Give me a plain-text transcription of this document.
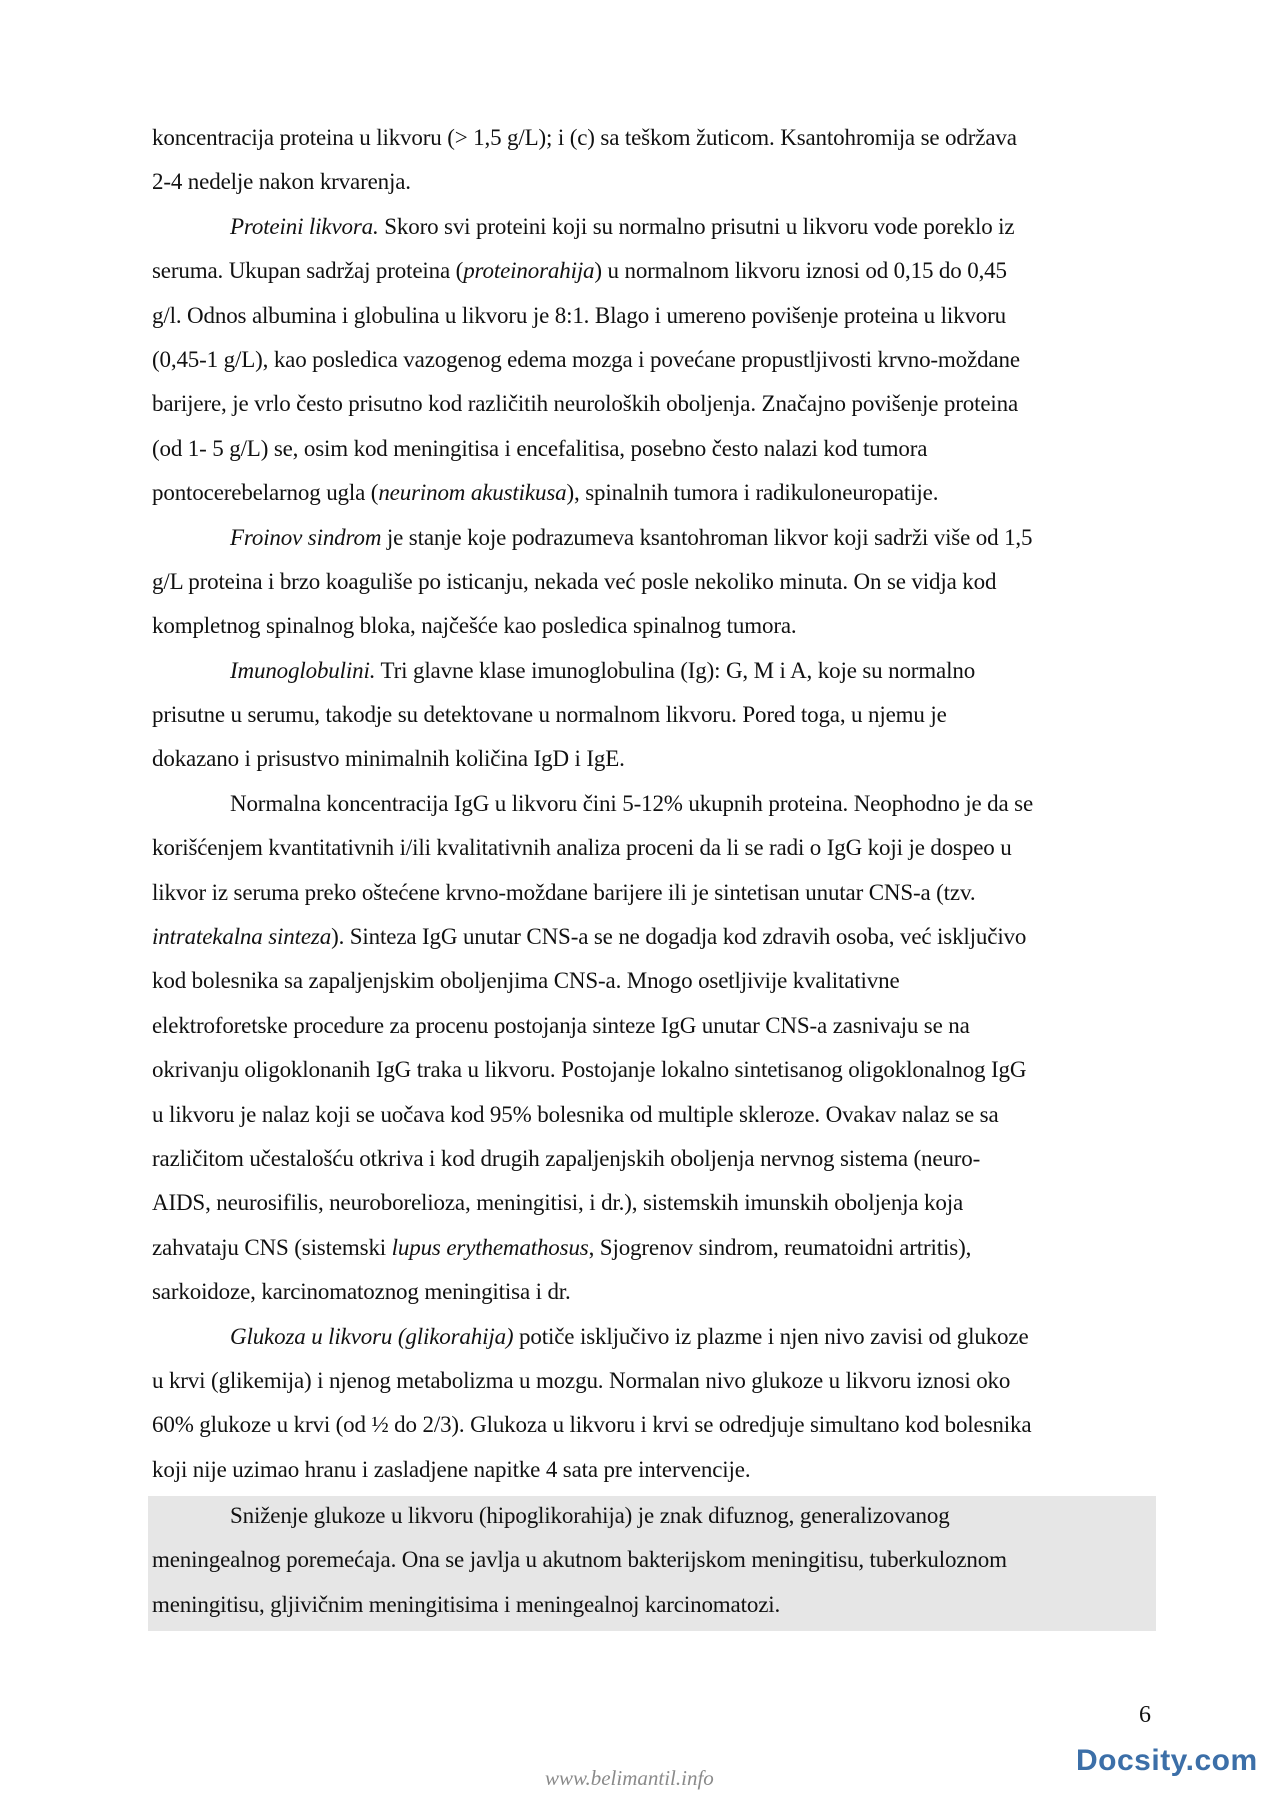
koncentracija proteina u likvoru (> 1,5 g/L); i (c) sa teškom žuticom. Ksantohromija se održava
2-4 nedelje nakon krvarenja.
Proteini likvora. Skoro svi proteini koji su normalno prisutni u likvoru vode poreklo iz
seruma. Ukupan sadržaj proteina (proteinorahija) u normalnom likvoru iznosi od 0,15 do 0,45
g/l. Odnos albumina i globulina u likvoru je 8:1. Blago i umereno povišenje proteina u likvoru
(0,45-1 g/L), kao posledica vazogenog edema mozga i povećane propustljivosti krvno-moždane
barijere, je vrlo često prisutno kod različitih neuroloških oboljenja. Značajno povišenje proteina
(od 1- 5 g/L) se, osim kod meningitisa i encefalitisa, posebno često nalazi kod tumora
pontocerebelarnog ugla (neurinom akustikusa), spinalnih tumora i radikuloneuropatije.
Froinov sindrom je stanje koje podrazumeva ksantohroman likvor koji sadrži više od 1,5
g/L proteina i brzo koaguliše po isticanju, nekada već posle nekoliko minuta. On se vidja kod
kompletnog spinalnog bloka, najčešće kao posledica spinalnog tumora.
Imunoglobulini. Tri glavne klase imunoglobulina (Ig): G, M i A, koje su normalno
prisutne u serumu, takodje su detektovane u normalnom likvoru. Pored toga, u njemu je
dokazano i prisustvo minimalnih količina IgD i IgE.
Normalna koncentracija IgG u likvoru čini 5-12% ukupnih proteina. Neophodno je da se
korišćenjem kvantitativnih i/ili kvalitativnih analiza proceni da li se radi o IgG koji je dospeo u
likvor iz seruma preko oštećene krvno-moždane barijere ili je sintetisan unutar CNS-a (tzv.
intratekalna sinteza). Sinteza IgG unutar CNS-a se ne dogadja kod zdravih osoba, već isključivo
kod bolesnika sa zapaljenjskim oboljenjima CNS-a. Mnogo osetljivije kvalitativne
elektroforetske procedure za procenu postojanja sinteze IgG unutar CNS-a zasnivaju se na
okrivanju oligoklonanih IgG traka u likvoru. Postojanje lokalno sintetisanog oligoklonalnog IgG
u likvoru je nalaz koji se uočava kod 95% bolesnika od multiple skleroze. Ovakav nalaz se sa
različitom učestalošću otkriva i kod drugih zapaljenjskih oboljenja nervnog sistema (neuro-
AIDS, neurosifilis, neuroborelioza, meningitisi, i dr.), sistemskih imunskih oboljenja koja
zahvataju CNS (sistemski lupus erythemathosus, Sjogrenov sindrom, reumatoidni artritis),
sarkoidoze, karcinomatoznog meningitisa i dr.
Glukoza u likvoru (glikorahija) potiče isključivo iz plazme i njen nivo zavisi od glukoze
u krvi (glikemija) i njenog metabolizma u mozgu. Normalan nivo glukoze u likvoru iznosi oko
60% glukoze u krvi (od ½ do 2/3). Glukoza u likvoru i krvi se odredjuje simultano kod bolesnika
koji nije uzimao hranu i zasladjene napitke 4 sata pre intervencije.
Sniženje glukoze u likvoru (hipoglikorahija) je znak difuznog, generalizovanog
meningealnog poremećaja. Ona se javlja u akutnom bakterijskom meningitisu, tuberkuloznom
meningitisu, gljivičnim meningitisima i meningealnoj karcinomatozi.
6
www.belimantil.info
Docsity.com
